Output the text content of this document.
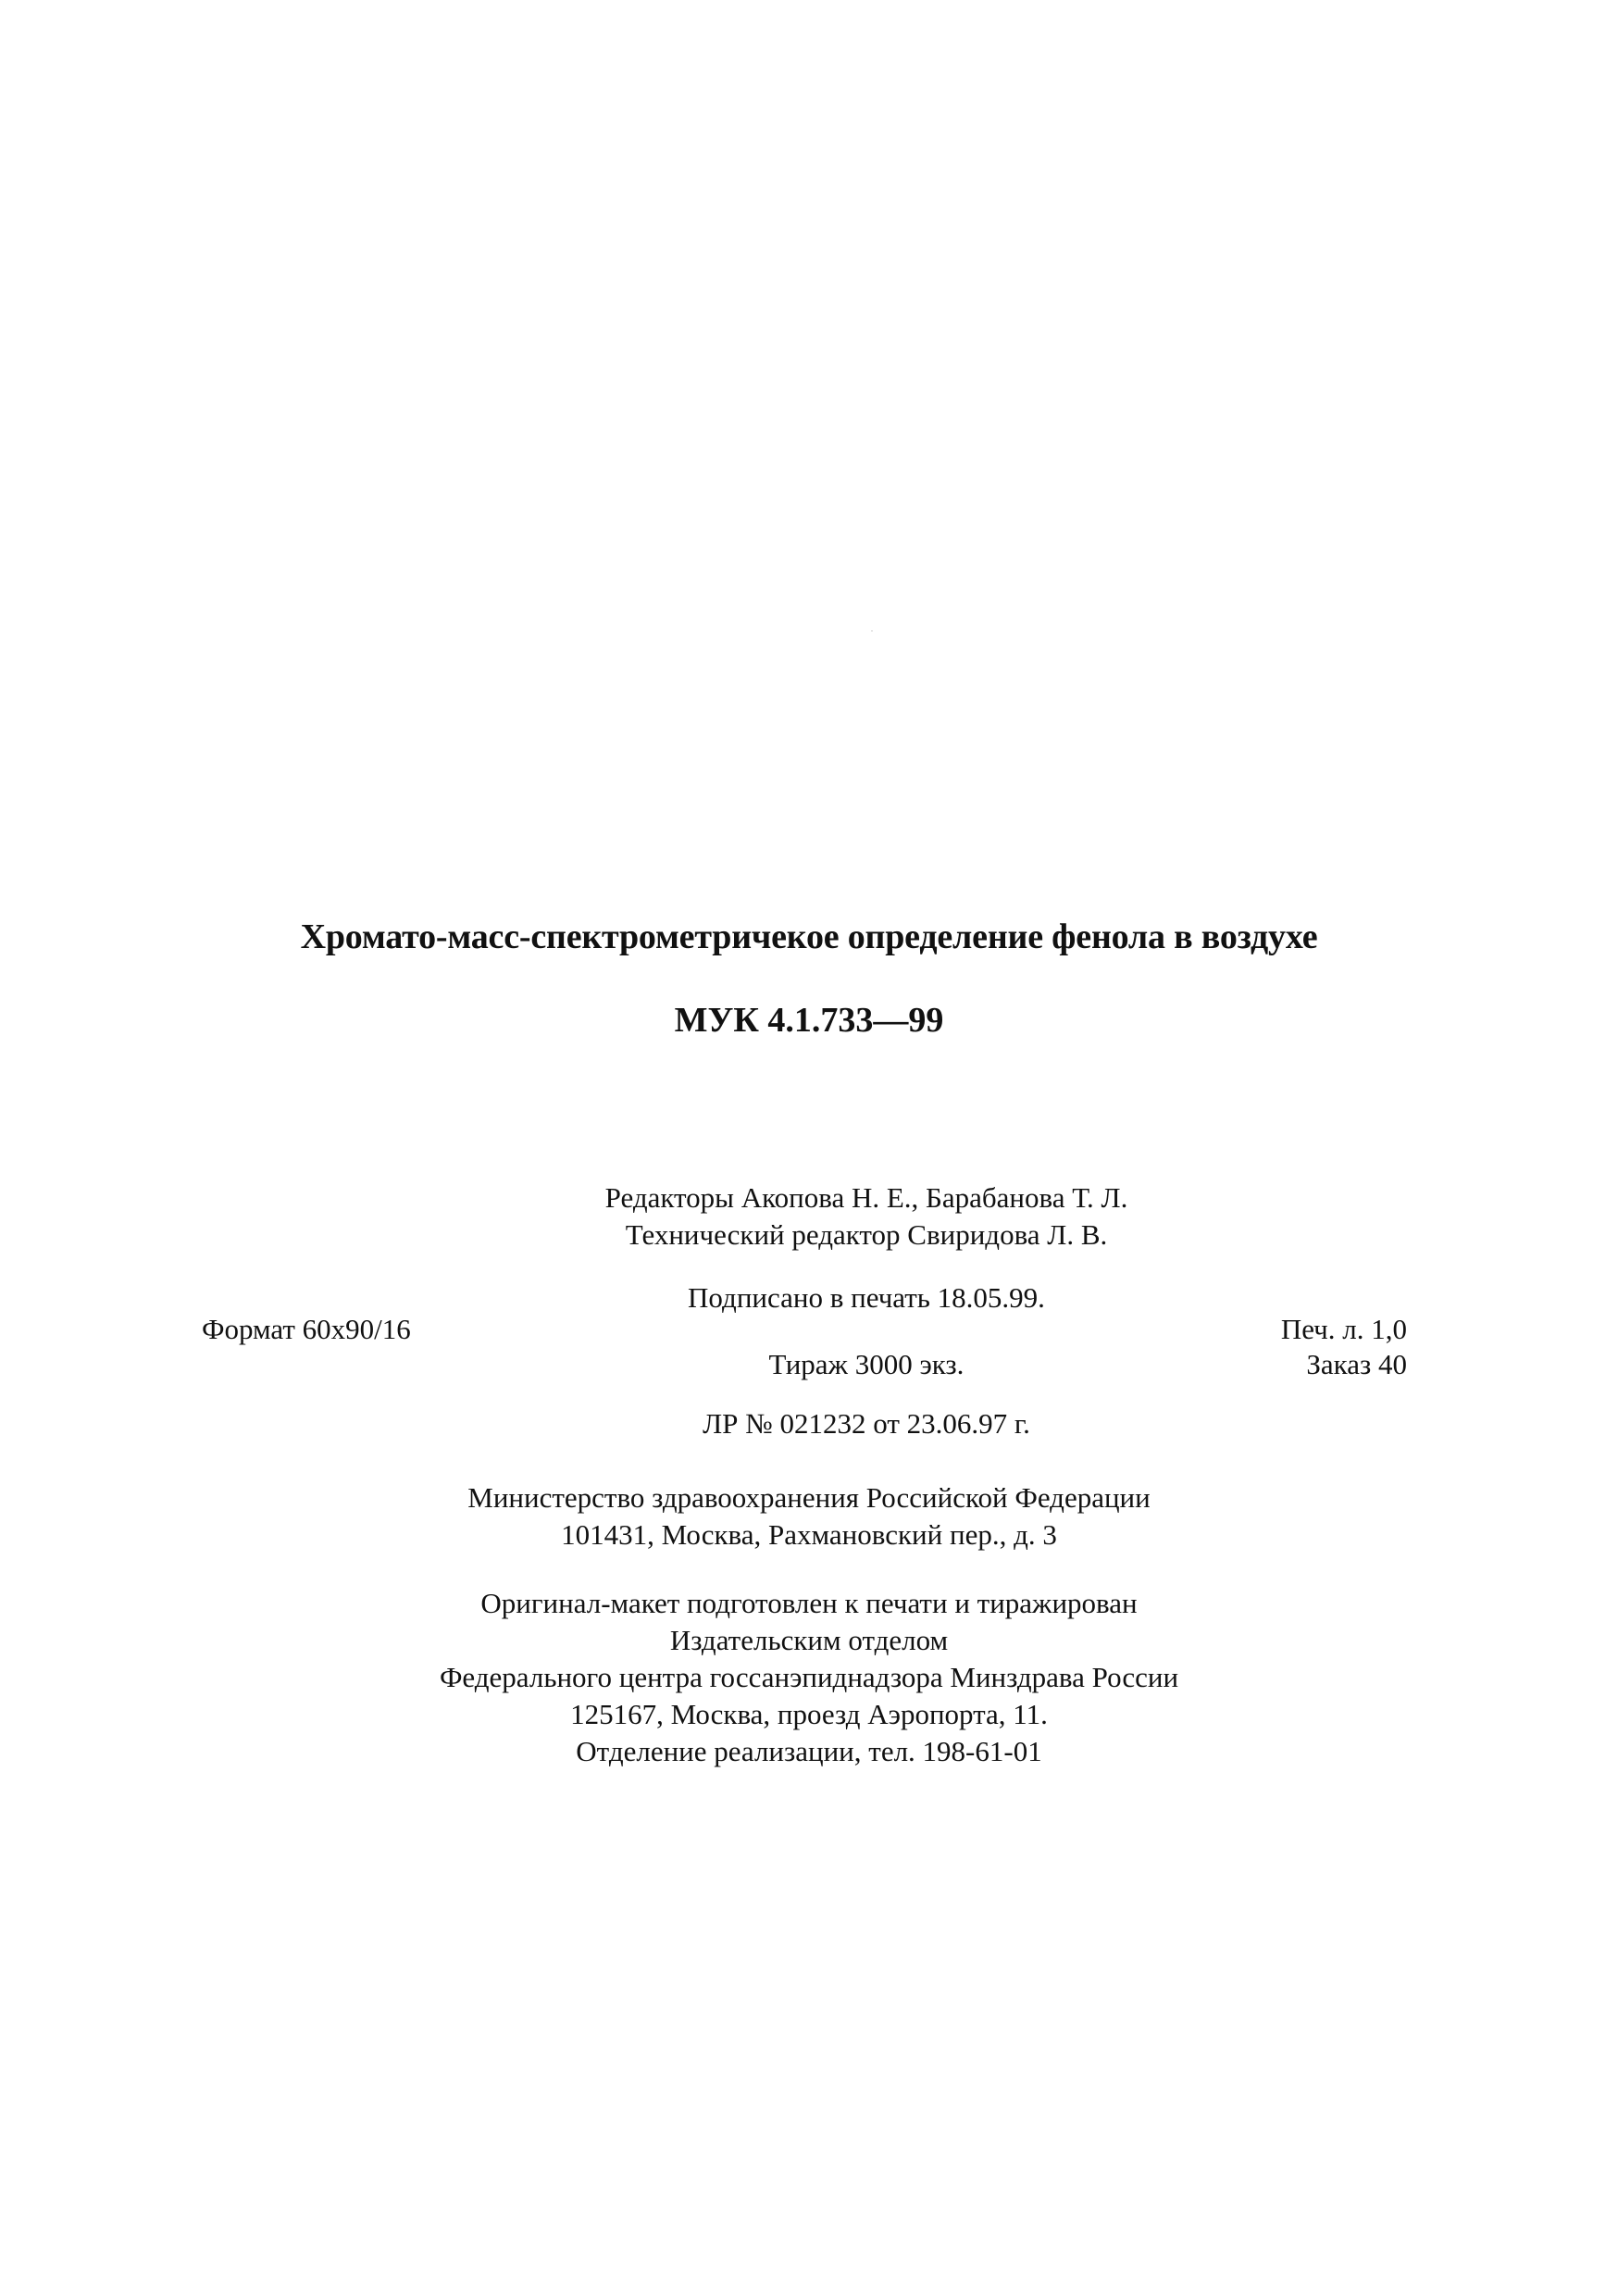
Хромато-масс-спектрометричекое определение фенола в воздухе
МУК 4.1.733—99
Редакторы Акопова Н. Е., Барабанова Т. Л.
Технический редактор Свиридова Л. В.
Подписано в печать 18.05.99.
Формат 60x90/16	Печ. л. 1,0
Тираж 3000 экз.	Заказ 40
ЛР № 021232 от 23.06.97 г.
Министерство здравоохранения Российской Федерации
101431, Москва, Рахмановский пер., д. 3
Оригинал-макет подготовлен к печати и тиражирован
Издательским отделом
Федерального центра госсанэпиднадзора Минздрава России
125167, Москва, проезд Аэропорта, 11.
Отделение реализации, тел. 198-61-01
